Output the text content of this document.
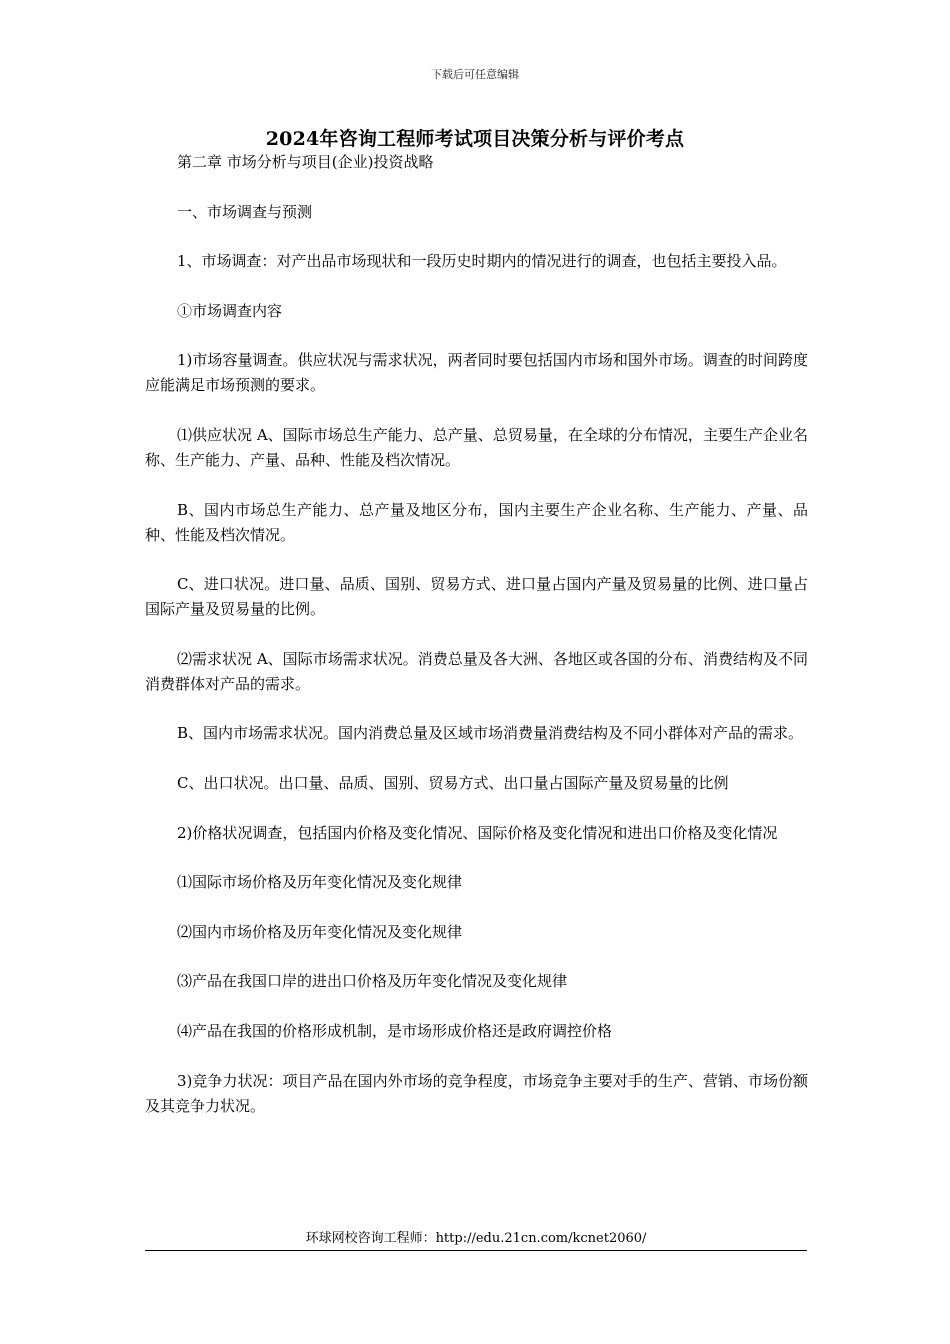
下载后可任意编辑
2024年咨询工程师考试项目决策分析与评价考点

第二章 市场分析与项目(企业)投资战略

一、市场调查与预测

1、市场调查：对产出品市场现状和一段历史时期内的情况进行的调查，也包括主要投入品。

①市场调查内容

1)市场容量调查。供应状况与需求状况，两者同时要包括国内市场和国外市场。调查的时间跨度应能满足市场预测的要求。

⑴供应状况 A、国际市场总生产能力、总产量、总贸易量，在全球的分布情况，主要生产企业名称、生产能力、产量、品种、性能及档次情况。

B、国内市场总生产能力、总产量及地区分布，国内主要生产企业名称、生产能力、产量、品种、性能及档次情况。

C、进口状况。进口量、品质、国别、贸易方式、进口量占国内产量及贸易量的比例、进口量占国际产量及贸易量的比例。

⑵需求状况 A、国际市场需求状况。消费总量及各大洲、各地区或各国的分布、消费结构及不同消费群体对产品的需求。

B、国内市场需求状况。国内消费总量及区域市场消费量消费结构及不同小群体对产品的需求。

C、出口状况。出口量、品质、国别、贸易方式、出口量占国际产量及贸易量的比例

2)价格状况调查，包括国内价格及变化情况、国际价格及变化情况和进出口价格及变化情况

⑴国际市场价格及历年变化情况及变化规律

⑵国内市场价格及历年变化情况及变化规律

⑶产品在我国口岸的进出口价格及历年变化情况及变化规律

⑷产品在我国的价格形成机制，是市场形成价格还是政府调控价格

3)竞争力状况：项目产品在国内外市场的竞争程度，市场竞争主要对手的生产、营销、市场份额及其竞争力状况。

环球网校咨询工程师：http://edu.21cn.com/kcnet2060/
